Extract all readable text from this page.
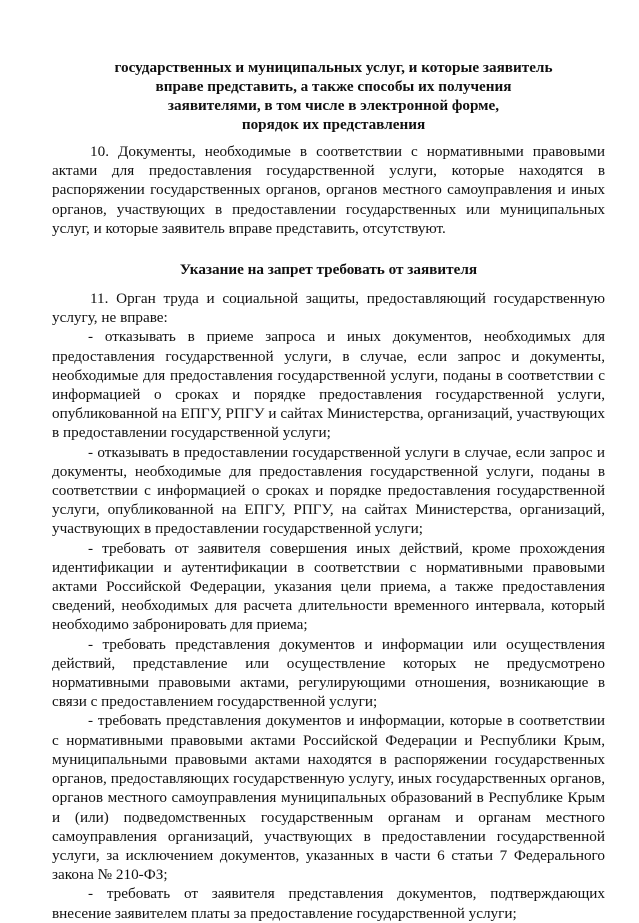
государственных и муниципальных услуг, и которые заявитель
вправе представить, а также способы их получения
заявителями, в том числе в электронной форме,
порядок их представления

10. Документы, необходимые в соответствии с нормативными правовыми актами для предоставления государственной услуги, которые находятся в распоряжении государственных органов, органов местного самоуправления и иных органов, участвующих в предоставлении государственных или муниципальных услуг, и которые заявитель вправе представить, отсутствуют.

Указание на запрет требовать от заявителя

11. Орган труда и социальной защиты, предоставляющий государственную услугу, не вправе:

- отказывать в приеме запроса и иных документов, необходимых для предоставления государственной услуги, в случае, если запрос и документы, необходимые для предоставления государственной услуги, поданы в соответствии с информацией о сроках и порядке предоставления государственной услуги, опубликованной на ЕПГУ, РПГУ и сайтах Министерства, организаций, участвующих в предоставлении государственной услуги;

- отказывать в предоставлении государственной услуги в случае, если запрос и документы, необходимые для предоставления государственной услуги, поданы в соответствии с информацией о сроках и порядке предоставления государственной услуги, опубликованной на ЕПГУ, РПГУ, на сайтах Министерства, организаций, участвующих в предоставлении государственной услуги;

- требовать от заявителя совершения иных действий, кроме прохождения идентификации и аутентификации в соответствии с нормативными правовыми актами Российской Федерации, указания цели приема, а также предоставления сведений, необходимых для расчета длительности временного интервала, который необходимо забронировать для приема;

- требовать представления документов и информации или осуществления действий, представление или осуществление которых не предусмотрено нормативными правовыми актами, регулирующими отношения, возникающие в связи с предоставлением государственной услуги;

- требовать представления документов и информации, которые в соответствии с нормативными правовыми актами Российской Федерации и Республики Крым, муниципальными правовыми актами находятся в распоряжении государственных органов, предоставляющих государственную услугу, иных государственных органов, органов местного самоуправления муниципальных образований в Республике Крым и (или) подведомственных государственным органам и органам местного самоуправления организаций, участвующих в предоставлении государственной услуги, за исключением документов, указанных в части 6 статьи 7 Федерального закона № 210-ФЗ;

- требовать от заявителя представления документов, подтверждающих внесение заявителем платы за предоставление государственной услуги;
